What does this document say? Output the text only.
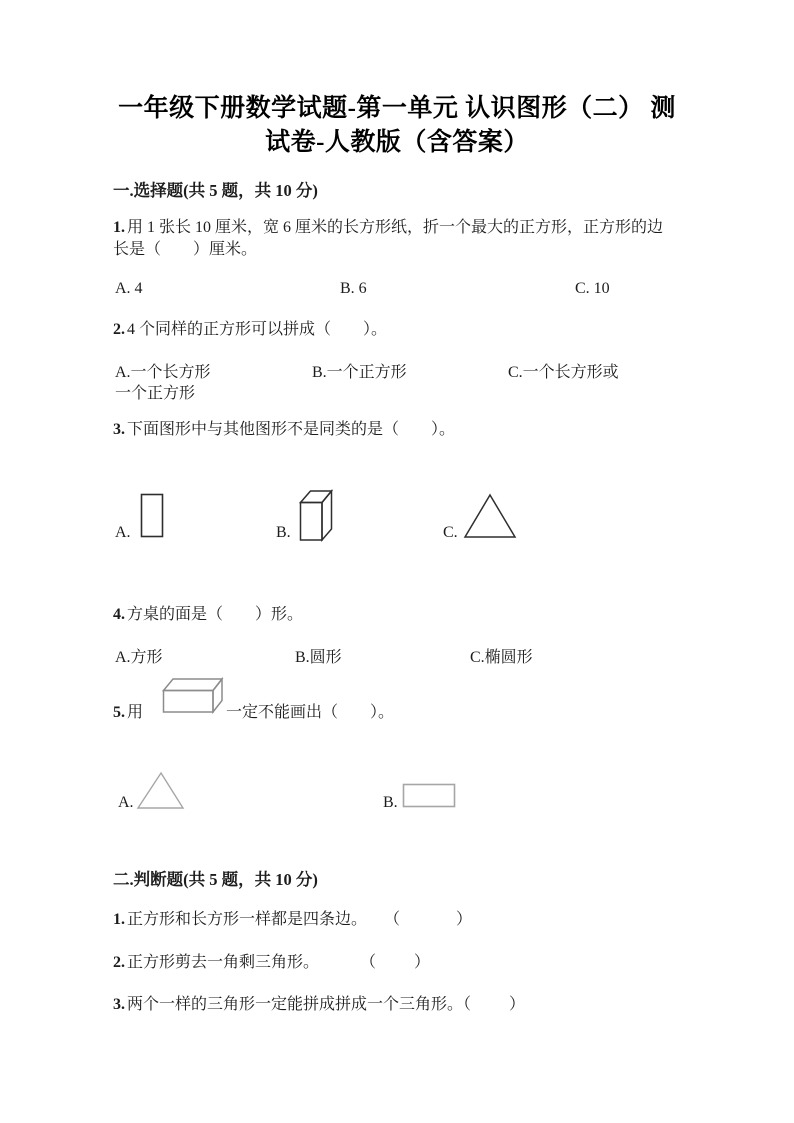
一年级下册数学试题-第一单元 认识图形（二） 测
试卷-人教版（含答案）
一.选择题(共 5 题，共 10 分)

1. 用 1 张长 10 厘米，宽 6 厘米的长方形纸，折一个最大的正方形，正方形的边
长是（　　）厘米。

A. 4	B. 6	C. 10

2. 4 个同样的正方形可以拼成（　　）。

A.一个长方形	B.一个正方形	C.一个长方形或
一个正方形

3. 下面图形中与其他图形不是同类的是（　　）。

A.	B.	C.

4. 方桌的面是（　　）形。

A.方形	B.圆形	C.椭圆形
5. 用	一定不能画出（　　）。
A.	B.
二.判断题(共 5 题，共 10 分)
1. 正方形和长方形一样都是四条边。 （　　　）
2. 正方形剪去一角剩三角形。	（　　）
3. 两个一样的三角形一定能拼成拼成一个三角形。
（　　）
